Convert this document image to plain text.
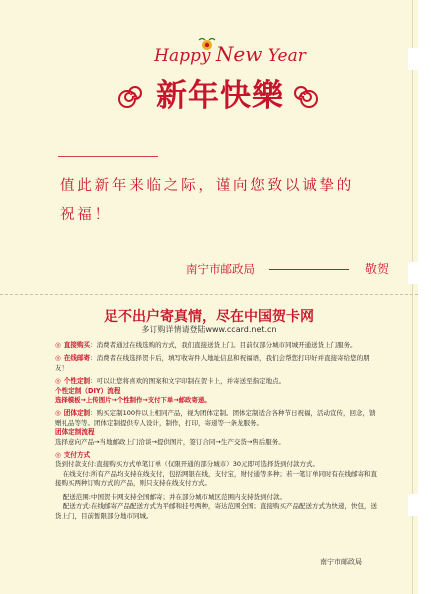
Happy New Year
新年快樂
值此新年来临之际，谨向您致以诚挚的祝福！
南宁市邮政局	敬贺
足不出户寄真情，尽在中国贺卡网
多订购详情请登陆www.ccard.net.cn

◎ 直接购买：消费者通过在线选购的方式，我们直接送货上门。目前仅部分城市同城开通送货上门服务。

◎ 在线邮寄：消费者在线选择贺卡后，填写收寄件人地址信息和祝福语，我们会帮您打印好并直接寄给您的朋友！

◎ 个性定制：可以让您将喜欢的图案和文字印制在贺卡上，并寄送至指定地点。

个性定制（DIY）流程

选择模板→上传图片→个性制作→支付下单→邮政寄递。

◎ 团体定制：购买定制100件以上相同产品，视为团体定制。团体定制适合各种节日祝福，活动宣传，回念，馈赠礼品等等。团体定制提供专人设计，制作，打印，寄递等一条龙服务。

团体定制流程

选择意向产品→当地邮政上门洽谈→提供图片，签订合同→生产交货→售后服务。

◎ 支付方式

货到付款支付:直接购买方式单笔订单（仅限开通的部分城市）30元即可选择货到付款方式。

在线支付:所有产品均支持在线支付，包括网银在线，支付宝，财付通等多种；若一笔订单同时有在线邮寄和直接购买两种订购方式的产品，则只支持在线支付方式。

配送范围:中国贺卡网支持全国邮寄；并在部分城市城区范围内支持货到付款。

配送方式:在线邮寄产品配送方式为平邮和挂号两种，寄达范围全国；直接购买产品配送方式为快递，快包，送货上门，目前暂限部分地市同城。

南宁市邮政局
